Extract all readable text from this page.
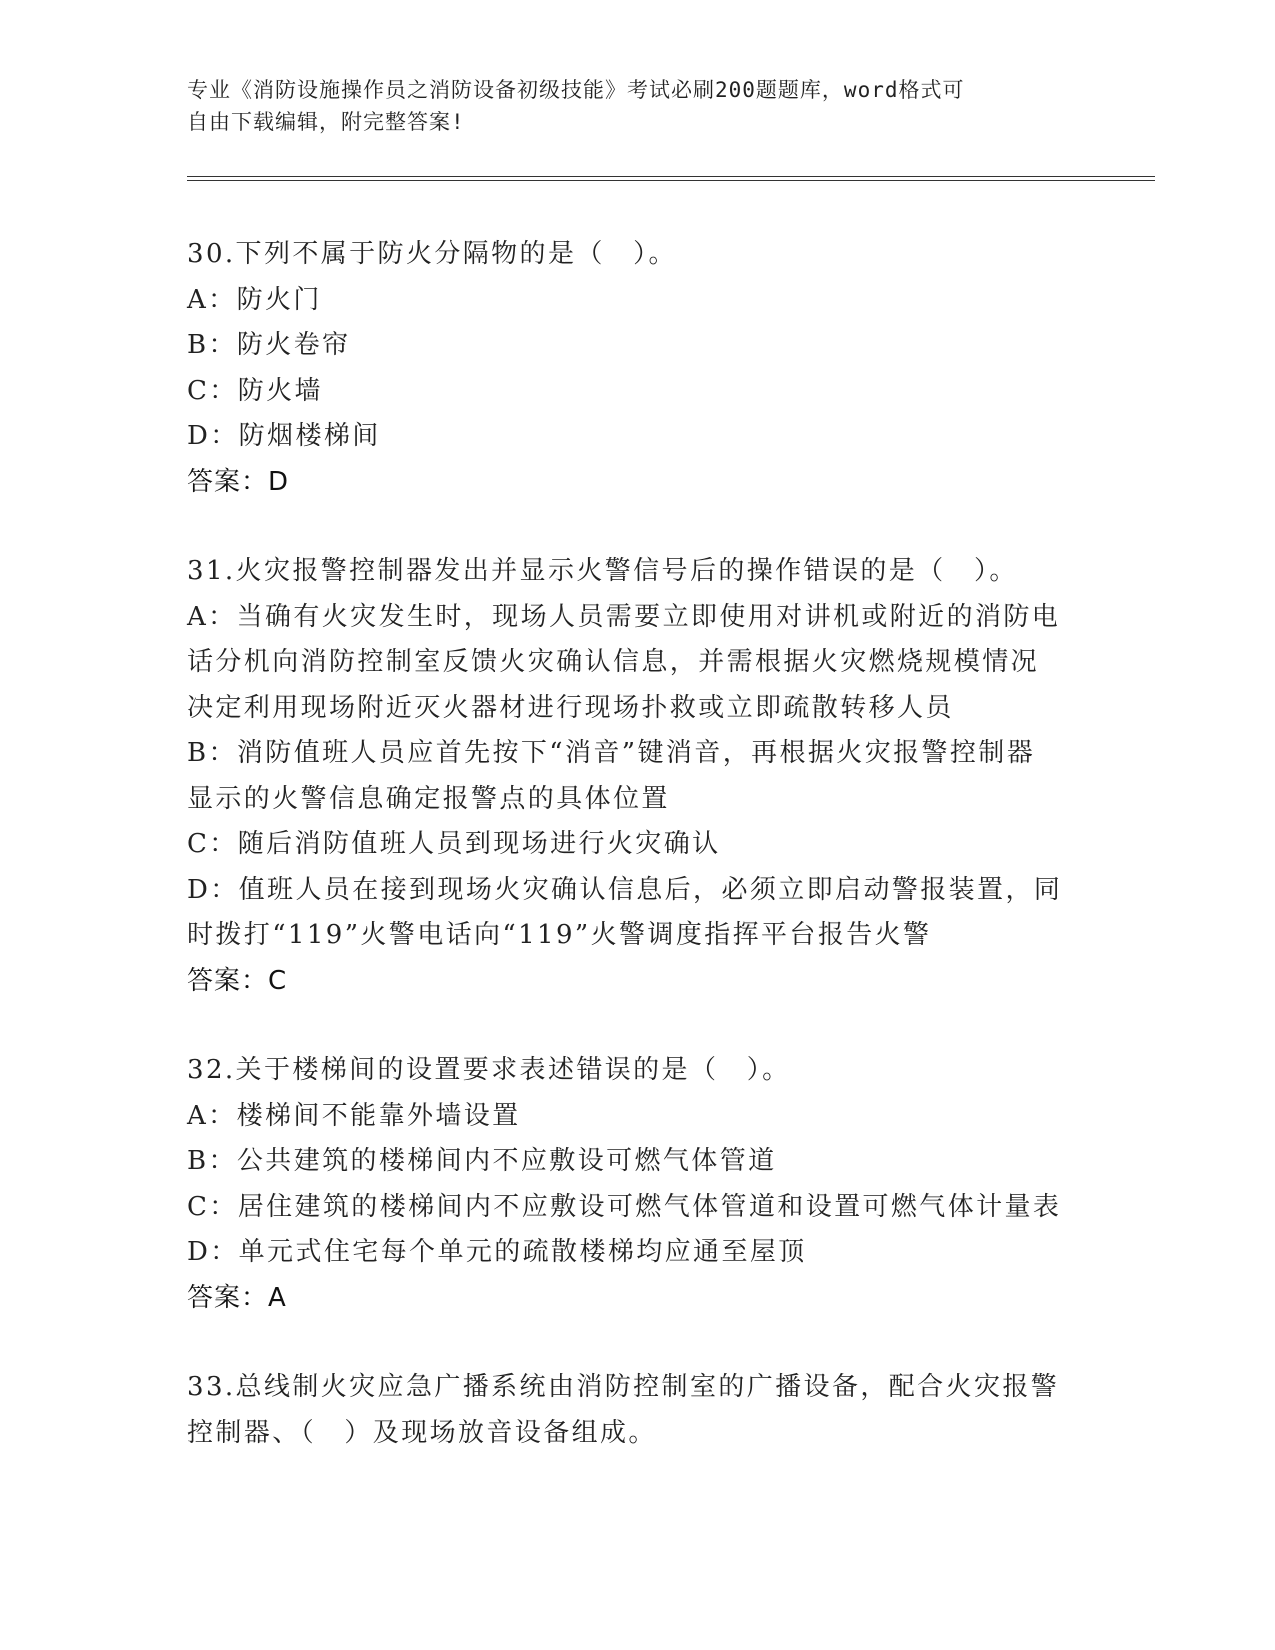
专业《消防设施操作员之消防设备初级技能》考试必刷200题题库，word格式可
自由下载编辑，附完整答案!
30.下列不属于防火分隔物的是（　）。
A：防火门
B：防火卷帘
C：防火墙
D：防烟楼梯间
答案：D
31.火灾报警控制器发出并显示火警信号后的操作错误的是（　）。
A：当确有火灾发生时，现场人员需要立即使用对讲机或附近的消防电
话分机向消防控制室反馈火灾确认信息，并需根据火灾燃烧规模情况
决定利用现场附近灭火器材进行现场扑救或立即疏散转移人员
B：消防值班人员应首先按下“消音”键消音，再根据火灾报警控制器
显示的火警信息确定报警点的具体位置
C：随后消防值班人员到现场进行火灾确认
D：值班人员在接到现场火灾确认信息后，必须立即启动警报装置，同
时拨打“119”火警电话向“119”火警调度指挥平台报告火警
答案：C
32.关于楼梯间的设置要求表述错误的是（　）。
A：楼梯间不能靠外墙设置
B：公共建筑的楼梯间内不应敷设可燃气体管道
C：居住建筑的楼梯间内不应敷设可燃气体管道和设置可燃气体计量表
D：单元式住宅每个单元的疏散楼梯均应通至屋顶
答案：A
33.总线制火灾应急广播系统由消防控制室的广播设备，配合火灾报警
控制器、（　）及现场放音设备组成。
